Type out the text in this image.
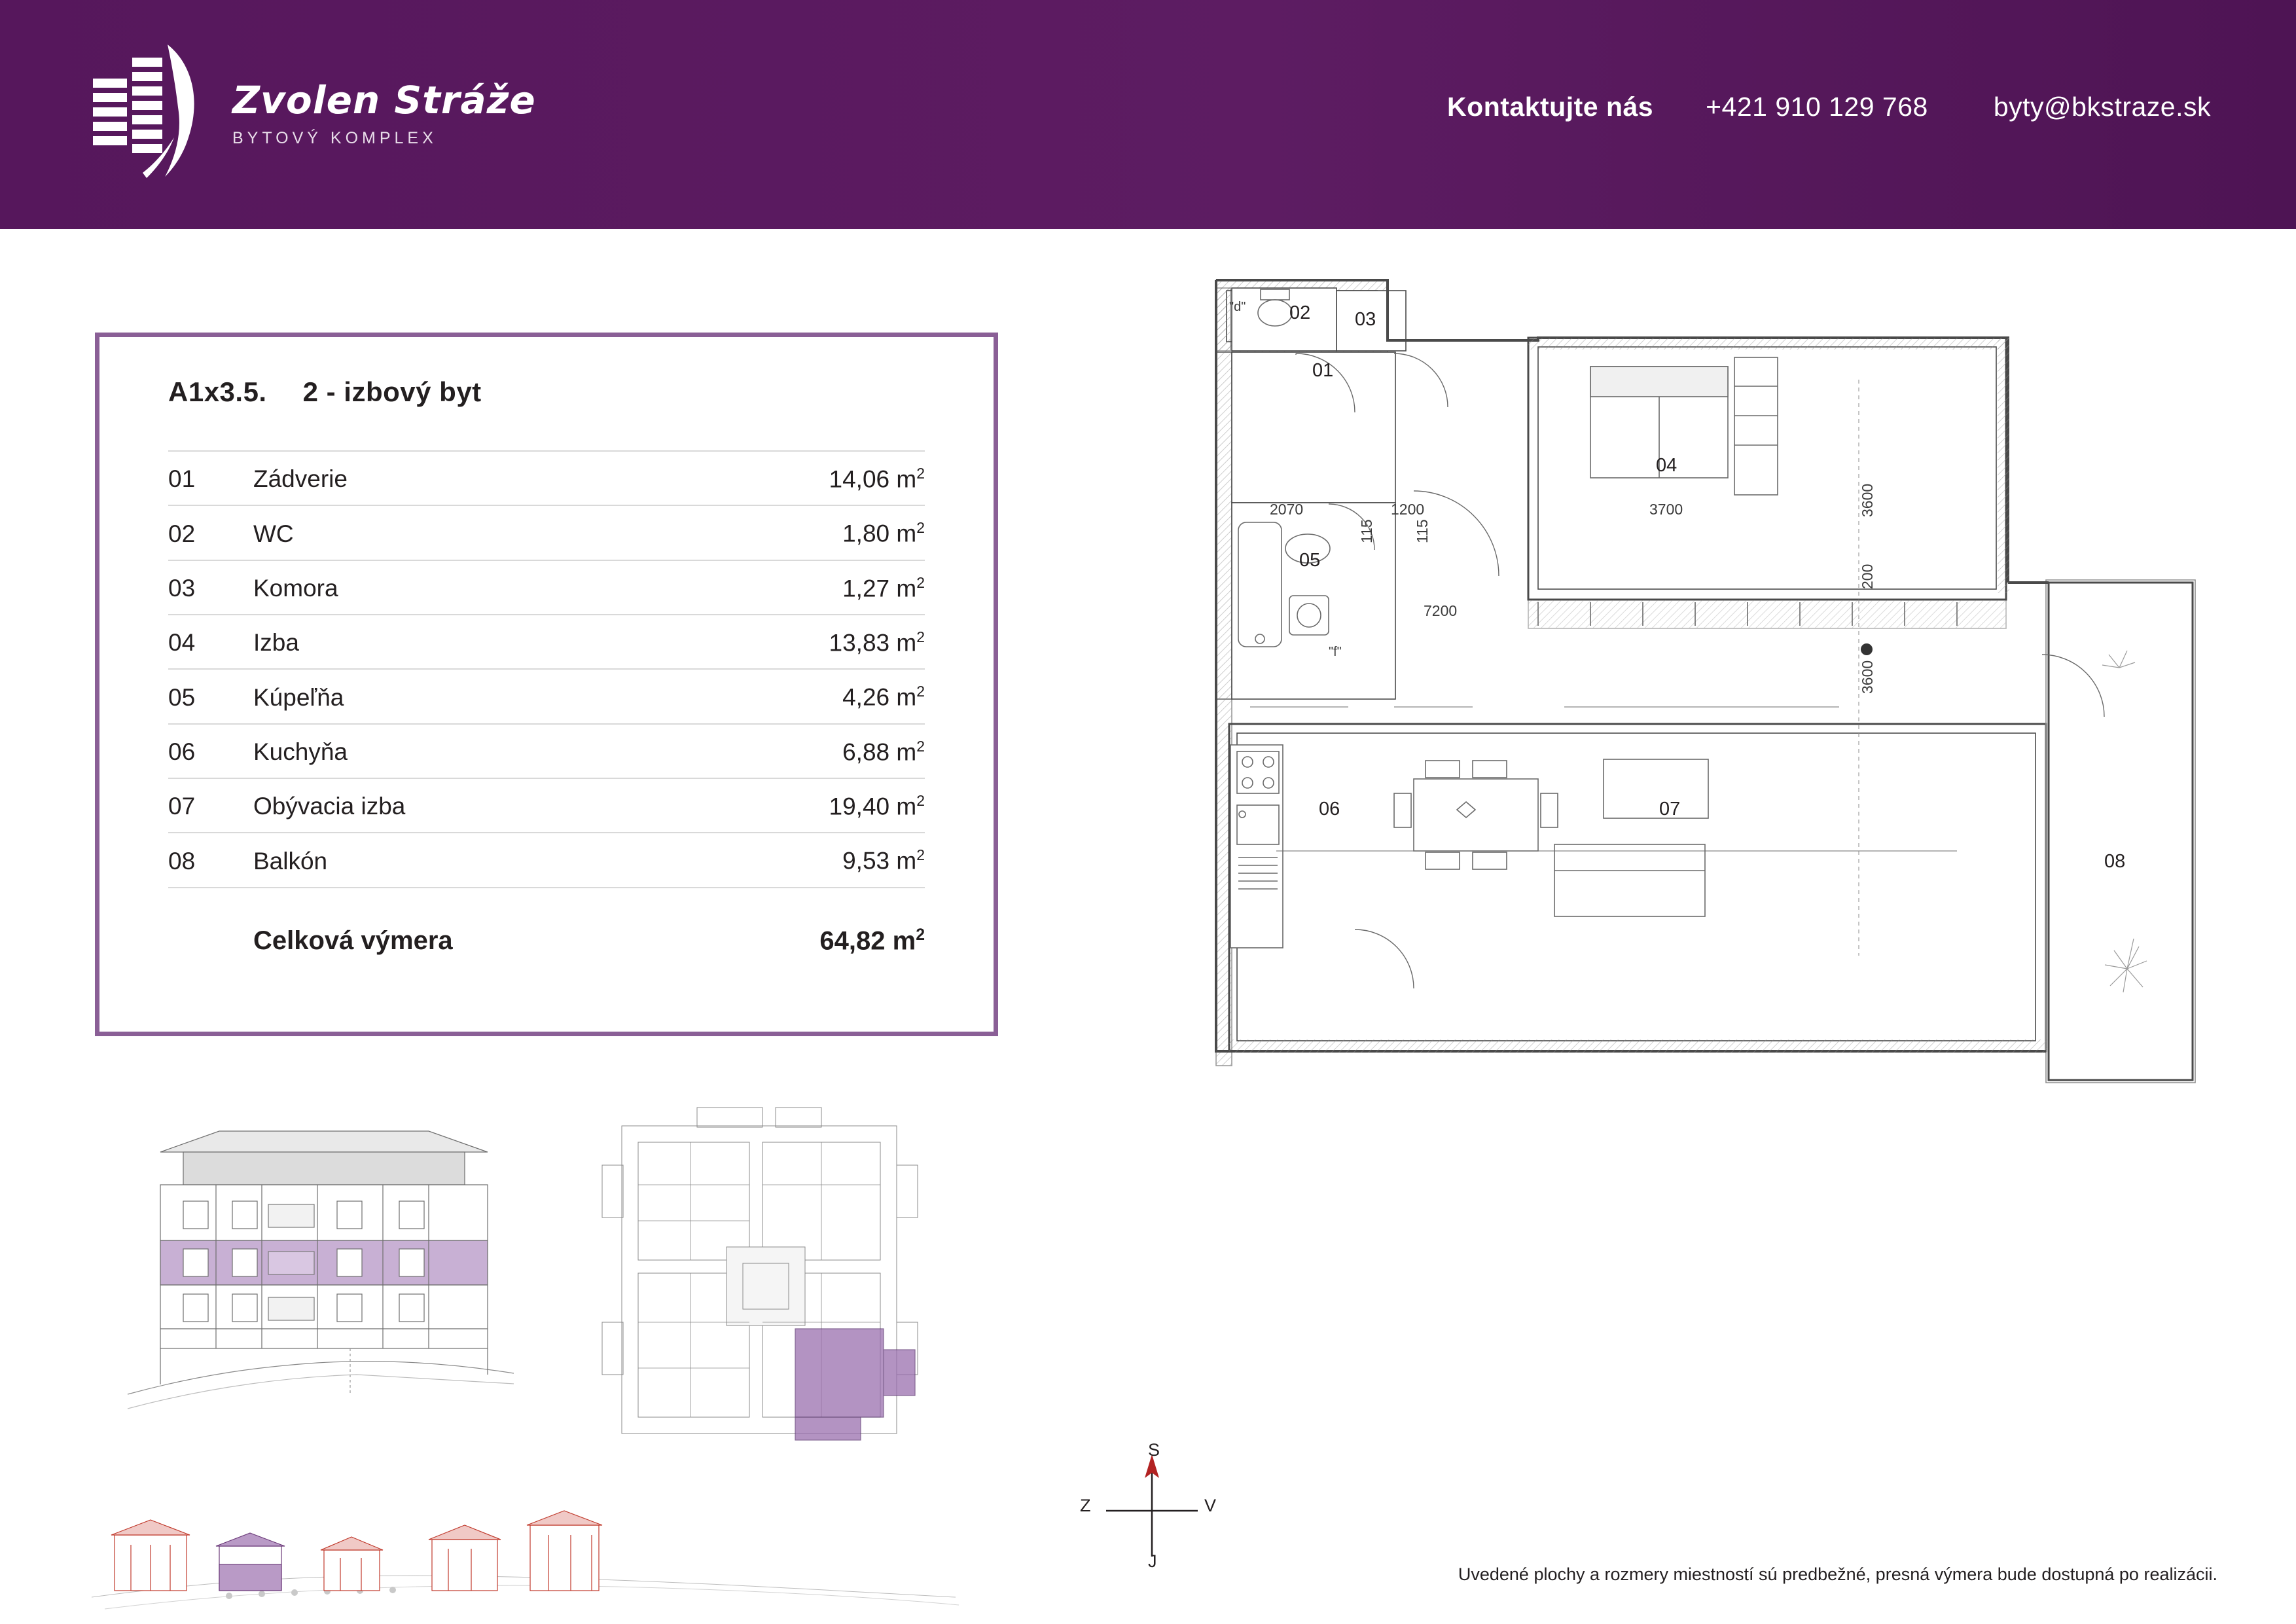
Zvolen Stráže
BYTOVÝ KOMPLEX
Kontaktujte nás +421 910 129 768 byty@bkstraze.sk
A1x3.5. 2 - izbový byt
01	Zádverie	14,06 $m^2$
02	WC	1,80 $m^2$
03	Komora	1,27 $m^2$
04	Izba	13,83 $m^2$
05	Kúpeľňa	4,26 $m^2$
06	Kuchyňa	6,88 $m^2$
07	Obývacia izba	19,40 $m^2$
08	Balkón	9,53 $m^2$
	Celková výmera	64,82 $m^2$
S
J
Z	V
01
02 03
04
05
06	07
08
2070	1200	3700
115	115
3600
200
7200
3600
"d"
"f"
Uvedené plochy a rozmery miestností sú predbežné, presná výmera bude dostupná po realizácii.
